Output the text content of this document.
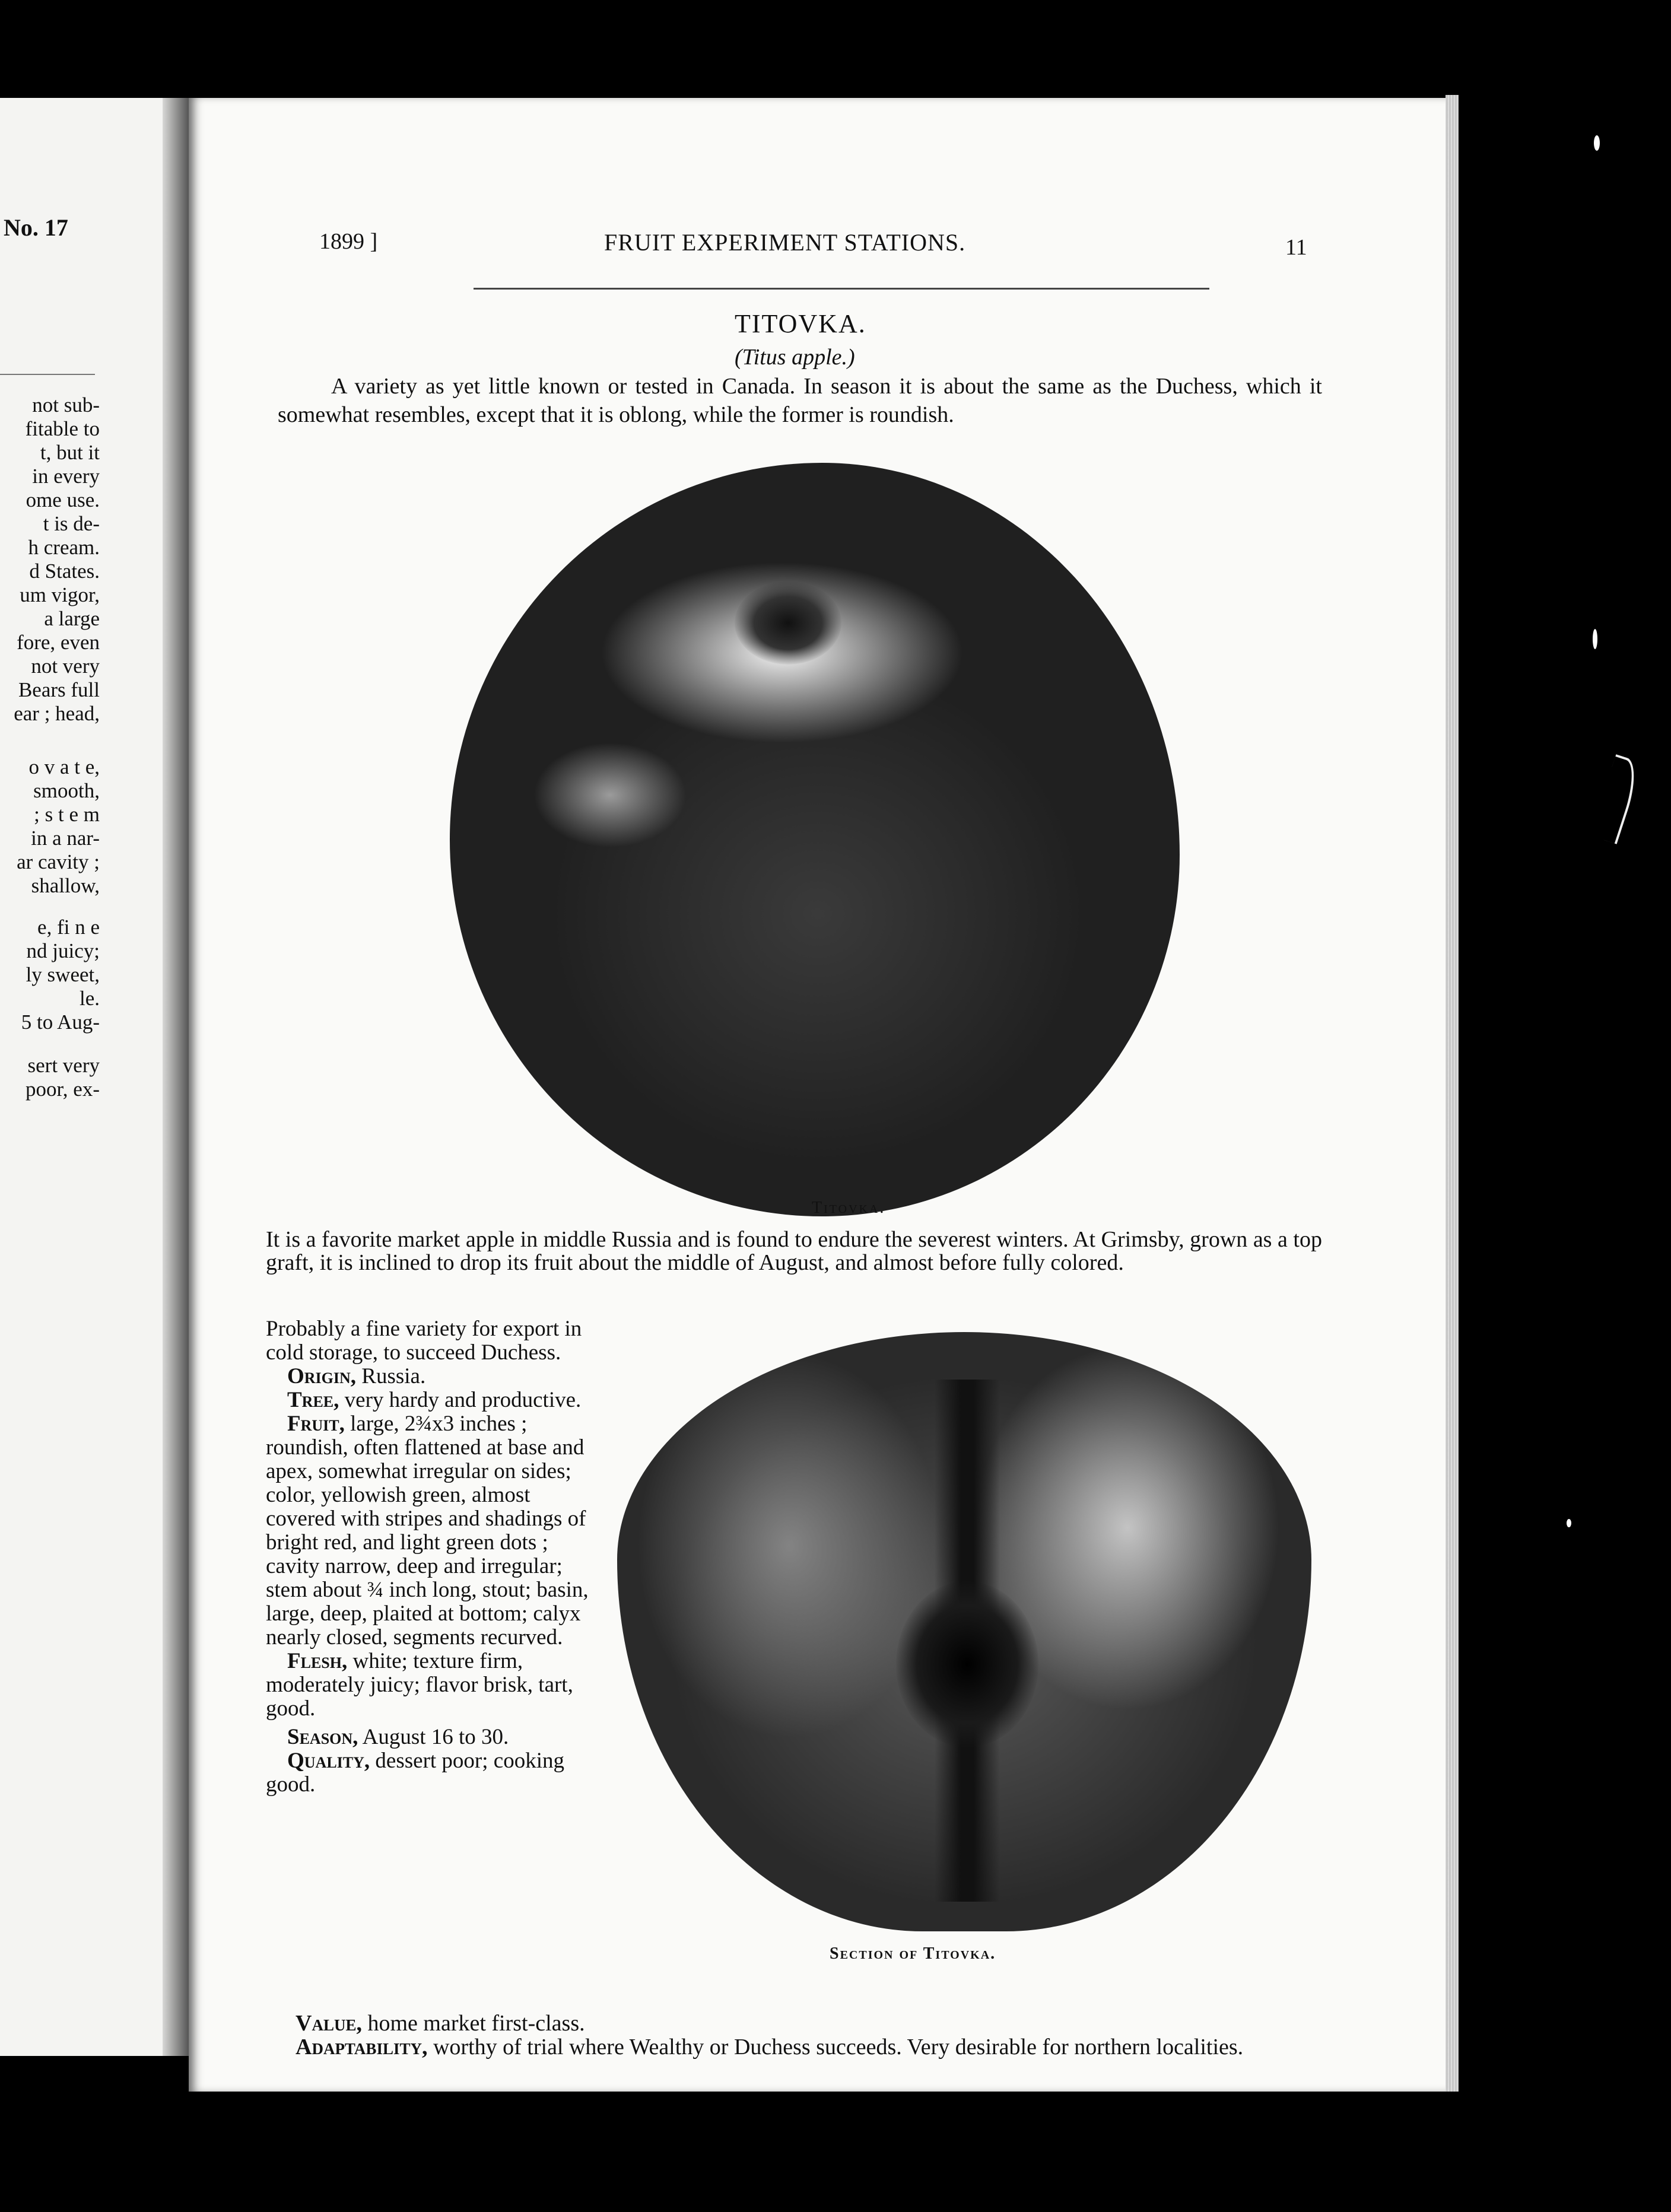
No. 17
not sub-
fitable to
t, but it
in every
ome use.
t is de-
h cream.
d States.
um vigor,
a large
fore, even
not very
Bears full
ear ; head,
o v a t e,
smooth,
; s t e m
in a nar-
ar cavity ;
shallow,
e, fi n e
nd juicy;
ly sweet,
le.
5 to Aug-
sert very
poor, ex-
1899 ]	FRUIT EXPERIMENT STATIONS.	11
TITOVKA.
(Titus apple.)
A variety as yet little known or tested in Canada. In season it is about the same as the Duchess, which it somewhat resembles, except that it is oblong, while the former is roundish.
Titovka.
It is a favorite market apple in middle Russia and is found to endure the severest winters. At Grimsby, grown as a top graft, it is inclined to drop its fruit about the middle of August, and almost before fully colored.

Probably a fine variety for export in cold storage, to succeed Duchess.

Origin, Russia.

Tree, very hardy and productive.

Fruit, large, 2¾x3 inches ; roundish, often flattened at base and apex, somewhat irregular on sides; color, yellowish green, almost covered with stripes and shadings of bright red, and light green dots ; cavity narrow, deep and irregular; stem about ¾ inch long, stout; basin, large, deep, plaited at bottom; calyx nearly closed, segments recurved.

Flesh, white; texture firm, moderately juicy; flavor brisk, tart, good.

Season, August 16 to 30.

Quality, dessert poor; cooking good.

Section of Titovka.

Value, home market first-class.

Adaptability, worthy of trial where Wealthy or Duchess succeeds. Very desirable for northern localities.
